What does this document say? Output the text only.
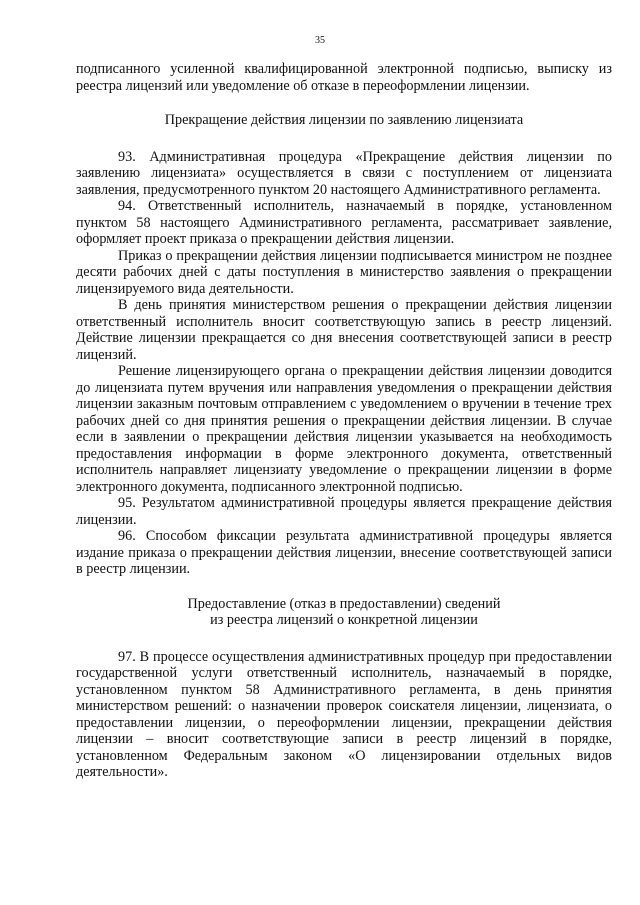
35

подписанного усиленной квалифицированной электронной подписью, выписку из реестра лицензий или уведомление об отказе в переоформлении лицензии.

Прекращение действия лицензии по заявлению лицензиата

93. Административная процедура «Прекращение действия лицензии по заявлению лицензиата» осуществляется в связи с поступлением от лицензиата заявления, предусмотренного пунктом 20 настоящего Административного регламента.

94. Ответственный исполнитель, назначаемый в порядке, установленном пунктом 58 настоящего Административного регламента, рассматривает заявление, оформляет проект приказа о прекращении действия лицензии.

Приказ о прекращении действия лицензии подписывается министром не позднее десяти рабочих дней с даты поступления в министерство заявления о прекращении лицензируемого вида деятельности.

В день принятия министерством решения о прекращении действия лицензии ответственный исполнитель вносит соответствующую запись в реестр лицензий. Действие лицензии прекращается со дня внесения соответствующей записи в реестр лицензий.

Решение лицензирующего органа о прекращении действия лицензии доводится до лицензиата путем вручения или направления уведомления о прекращении действия лицензии заказным почтовым отправлением с уведомлением о вручении в течение трех рабочих дней со дня принятия решения о прекращении действия лицензии. В случае если в заявлении о прекращении действия лицензии указывается на необходимость предоставления информации в форме электронного документа, ответственный исполнитель направляет лицензиату уведомление о прекращении лицензии в форме электронного документа, подписанного электронной подписью.

95. Результатом административной процедуры является прекращение действия лицензии.

96. Способом фиксации результата административной процедуры является издание приказа о прекращении действия лицензии, внесение соответствующей записи в реестр лицензии.

Предоставление (отказ в предоставлении) сведений

из реестра лицензий о конкретной лицензии

97. В процессе осуществления административных процедур при предоставлении государственной услуги ответственный исполнитель, назначаемый в порядке, установленном пунктом 58 Административного регламента, в день принятия министерством решений: о назначении проверок соискателя лицензии, лицензиата, о предоставлении лицензии, о переоформлении лицензии, прекращении действия лицензии – вносит соответствующие записи в реестр лицензий в порядке, установленном Федеральным законом «О лицензировании отдельных видов деятельности».
